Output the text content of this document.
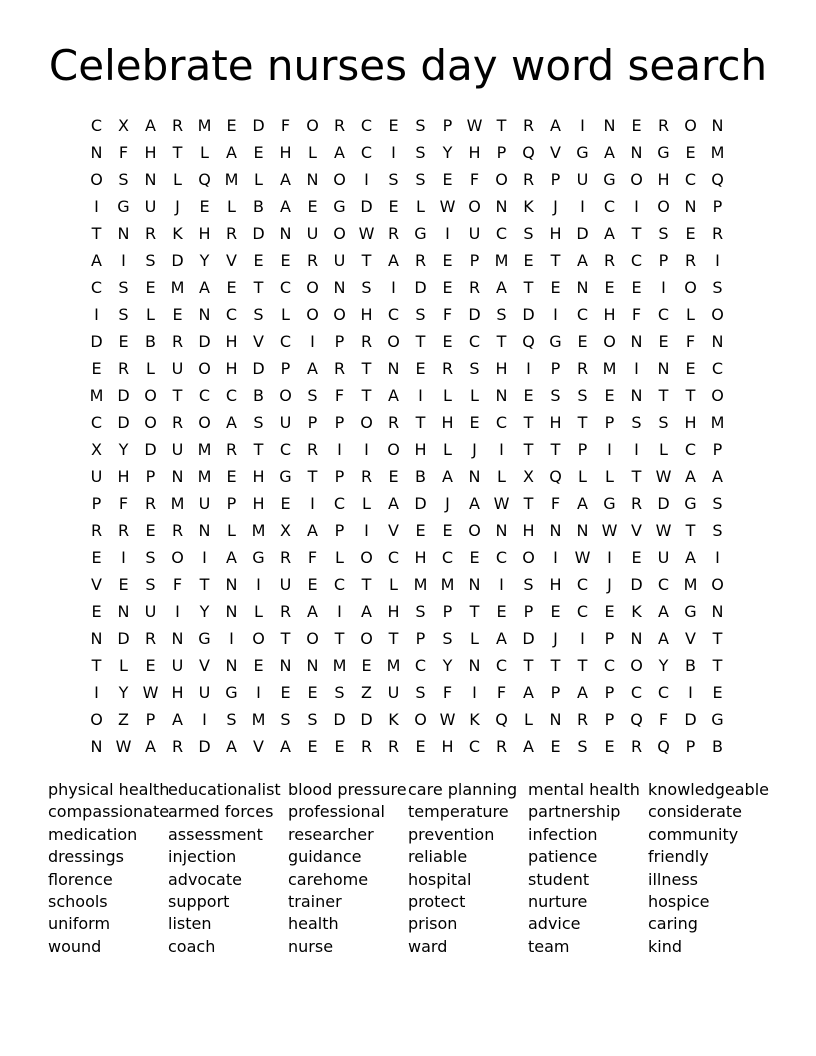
Celebrate nurses day word search
C X	A R M E D	F	O R C	E	S	P W T	R A	I	N E	R O N
N	F	H	T	L	A	E H	L	A C	I	S	Y	H	P Q V G A N G E M
O S N	L	Q M L	A N O	I	S	S	E	F	O R	P	U G O H C Q
I	G U	J	E	L	B	A	E G D E	L W O N K	J	I	C	I	O N	P
T	N R	K H R D N U O W R G	I	U C	S H D A	T	S	E	R
A	I	S D Y	V	E	E	R U	T	A R	E	P M E	T	A R C	P	R	I
C	S	E M A	E	T	C O N S	I	D E	R A	T	E N E	E	I	O S
I	S	L	E N C	S	L	O O H C	S	F	D S D	I	C H	F	C	L	O
D E	B R D H V C	I	P	R O T	E	C	T Q G E O N E	F	N
E	R	L	U O H D	P	A R	T	N E	R	S H	I	P	R M	I	N E	C
M D O T	C C B O S	F	T	A	I	L	L	N E	S	S	E N	T	T O
C D O R O A	S	U	P	P O R	T	H E	C	T	H	T	P	S	S H M
X	Y D U M R	T	C R	I	I	O H	L	J	I	T	T	P	I	I	L	C	P
U H	P	N M E H G T	P	R	E	B	A N	L	X Q	L	L	T W A	A
P	F	R M U	P	H E	I	C	L	A D	J	A W T	F	A G R D G S
R R	E	R N	L M X	A	P	I	V	E	E O N H N N W V W T	S
E	I	S O	I	A G R	F	L	O C H C	E	C O	I	W	I	E	U A	I
V	E	S	F	T	N	I	U	E	C	T	L M M N	I	S H C	J	D C M O
E N U	I	Y	N	L	R A	I	A H S	P	T	E	P	E	C	E	K	A G N
N D R N G	I	O T O T O T	P	S	L	A D	J	I	P	N A	V	T
T	L	E	U V N E N N M E M C	Y	N C	T	T	T	C O Y	B	T
I	Y W H U G	I	E	E	S	Z U	S	F	I	F	A	P	A	P	C C	I	E
O Z	P	A	I	S M S	S D D K O W K Q	L	N R	P Q	F	D G
N W A R D A	V	A	E	E	R R	E H C R A	E	S	E	R Q P	B
physical health
compassionate
medication
dressings
florence
schools
uniform
wound
educationalist
armed forces
assessment
injection
advocate
support
listen
coach
blood pressure
professional
researcher
guidance
carehome
trainer
health
nurse
care planning
temperature
prevention
reliable
hospital
protect
prison
ward
mental health
partnership
infection
patience
student
nurture
advice
team
knowledgeable
considerate
community
friendly
illness
hospice
caring
kind
